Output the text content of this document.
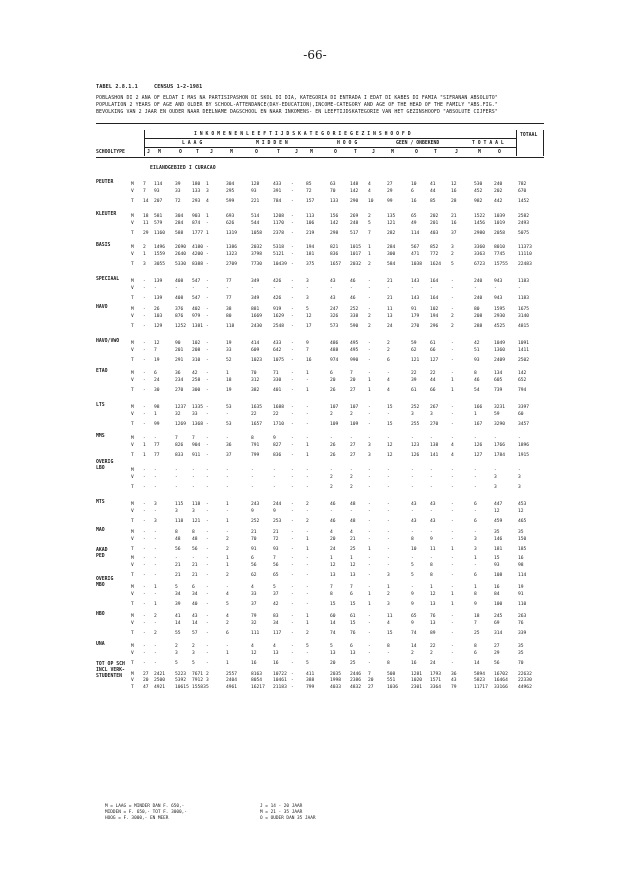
-66-
TABEL 2.8.1.1	CENSUS 1-2-1981
POBLASHON DI 2 ANA OF ELDAT I MAS NA PARTISIPASHON DI SKOL DI DIA, KATEGORIA DI ENTRADA I EDAT DI KABES DI FAMIA "SIFRANAN ABSOLUTO"
POPULATION 2 YEARS OF AGE AND OLDER BY SCHOOL-ATTENDANCE(DAY-EDUCATION),INCOME-CATEGORY AND AGE OF THE HEAD OF THE FAMILY "ABS.FIG."
BEVOLKING VAN 2 JAAR EN OUDER NAAR DEELNAME DAGSCHOOL EN NAAR INKOMENS- EN LEEFTIJDSKATEGORIE VAN HET GEZINSHOOFD "ABSOLUTE CIJFERS"
I N K O M E N E N L E E F T I J D S K A T E G O R I E G E Z I N S H O O F D	TOTAAL
L A A G	M I D D E N	H O O G	GEEN / ONBEKEND	T O T A A L
SCHOOLTYPE	J M	O	T J	M	O	T	J	M	O	T	J	M	O	T	J	M	O
EILANDGEBIED I CURACAO
PEUTER	M 7 114	39 180 1	304	128	433 -	85	63	148 4	27	10	41	12	530	240	782
V 7 93	33 133 3	295	93	391 -	72	70	142 4	29	6	44	16	452	202	670
T 14 207	72 293 4	599	221	784 -	157	133	290 10	99	16	85	28	982	442	1452
KLEUTER	M 18 581	304 903 1	693	514	1208 -	113	156	269 2	135	65	202	21	1522 1039	2582
V 11 579	284 874 -	626	544	1170 -	106	142	248 5	121	49	201	16	1456 1019	2493
T 29 1160 588 1777 1	1319	1058 2378 -	219	298	517 7	282	114 403	37	2980 2058	5075
BASIS	M 2 1496 2690 4180 -	1386	2032 5318 -	194	821	1015 1	284	567 852	3	3360 8010	11373
V 1 1559 2640 4200 -	1323	3798 5121 -	181	836	1017 1	300	471 772	2	3363 7745	11110
T 3 3055 5330 8388 -	2709	7730 10439 -	375	1657 2032 2	584	1038 1624 5	6723 15755 22483
SPECIAAL	M - 139	408 547 -	77	349	426 -	3	43	46	-	21	143 164	-	240	943	1183
V - -	-	- -	-	-	-	-	-	-	-	-	-	-	-	-	-	-	-
T - 139	408 547 -	77	349	426 -	3	43	46	-	21	143 164	-	240	943	1183
HAVO	M - 26	376 402 -	38	881	919 -	5	247	252 -	11	91	102	-	80	1595	1675
V - 103	876 979 -	80	1669 1629 -	12	326	338 2	13	179 194	2	208	2930	3140
T - 129	1252 1381 -	118	2430 2548 -	17	573	590 2	24	270 296	2	288	4525	4815
HAVO/VWO	M - 12	90 102 -	19	414	433 -	9	486	495 -	2	59	61	-	42	1049	1091
V - 7	201 208 -	33	609	642 -	7	488	495 -	2	62	66	-	51	1360	1411
T - 19	291 310 -	52	1023 1075 -	16	974	990 -	6	121 127	-	93	2409	2502
ETAO	M - 6	36 42 -	1	70	71	-	1	6	7	-	-	22	22	-	8	134	142
V - 24	234 258 -	18	312	330 -	-	20	20	1	4	39	44	1	46	605	652
T - 30	270 300 -	19	382	401 -	1	26	27	1	4	61	66	1	54	739	794
LTS	M - 98	1237 1335 -	53	1635 1688 -	-	107	107 -	15	252 267	-	166	3231	3397
V - 1	32 33 -	-	22	22	-	-	2	2	-	-	3	3	-	1	59	60
T - 99	1269 1368 -	53	1657 1710 -	-	109	109 -	15	255 270	-	167	3290	3457
MMS	M - -	7	7 -	-	8	9	-	-	-	-	-	-	-	-	-	-	-	-
V 1 77	826 904 -	36	791	827 -	1	26	27	3	12	123 138	4	126	1766	1896
T 1 77	833 911 -	37	799	836 -	1	26	27	3	12	126 141	4	127	1784	1915
OVERIG
LBO	M - -	-	- -	-	-	-	-	-	-	-	-	-	-	-	-	-	-	-
V - -	-	- -	-	-	-	-	-	2	2	-	-	-	-	-	-	3	3
T - -	-	- -	-	-	-	-	-	2	2	-	-	-	-	-	-	3	3
MTS	M - 3	115 118 -	1	243	244 -	2	46	48	-	-	43	43	-	6	447	453
V - -	3	3 -	-	9	9	-	-	-	-	-	-	-	-	-	-	12	12
T - 3	118 121 -	1	252	253 -	2	46	48	-	-	43	43	-	6	459	465
MAO	M - -	8	8 -	-	21	21	-	-	4	4	-	-	-	-	-	-	35	35
V - -	48 48 -	2	70	72	-	1	20	21	-	-	8	9	-	3	146	150
T - -	56 56 -	2	91	93	-	1	24	25	1	-	10	11	1	3	181	185
AKAD
PED	M - -	-	- -	1	6	7	-	-	1	1	-	-	-	-	-	1	15	16
V - -	21 21 -	1	56	56	-	-	12	12	-	-	5	8	-	-	93	98
T - -	21 21 -	2	62	65	-	-	13	13	-	3	5	8	-	6	108	114
OVERIG
MBO	M - 1	5	6 -	-	4	5	-	-	7	7	-	1	-	1	-	1	16	19
V - -	34 34 -	4	33	37	-	-	8	6	1	2	9	12	1	8	84	91
T - 1	39 40 -	5	37	42	-	-	15	15	1	3	9	13	1	9	100	110
HBO	M - 2	41 43 -	4	79	83	-	1	60	61	-	11	65	76	-	18	245	263
V - -	14 14 -	2	32	34	-	1	14	15	-	4	9	13	-	7	69	76
T - 2	55 57 -	6	111	117 -	2	74	76	-	15	74	89	-	25	314	339
UNA	M - -	2	2 -	-	4	4	-	5	5	6	-	8	14	22	-	8	27	35
V - -	3	3 -	1	12	13	-	-	13	13	-	-	2	2	-	6	29	35
T - -	5	5 -	1	16	16	-	5	20	25	-	8	16	24	-	14	56	70
TOT OP SCH
INCL VERK-
STUDENTEN M 27 2421 5223 7671 2	2557	8163 10722 -	411	2035 2446 7	508	1281 1793 36	5894 16702 22632
V 20 2500 5392 7912 3	2404	8054 10461 -	388	1998 2386 20	551	1020 1571 43	5823 16464 22330
T 47 4921 10615 15583 5	4961	16217 21183 -	799	4033 4832 27	1036	2301 3364 79	11717 33166 44962
M = LAAG = MINDER DAN F. 650,-
MIDDEN = F. 650,- TOT F. 3000,-
HOOG = F. 3000,- EN MEER
J = 14 - 20 JAAR
M = 21 - 35 JAAR
O = OUDER DAN 35 JAAR
